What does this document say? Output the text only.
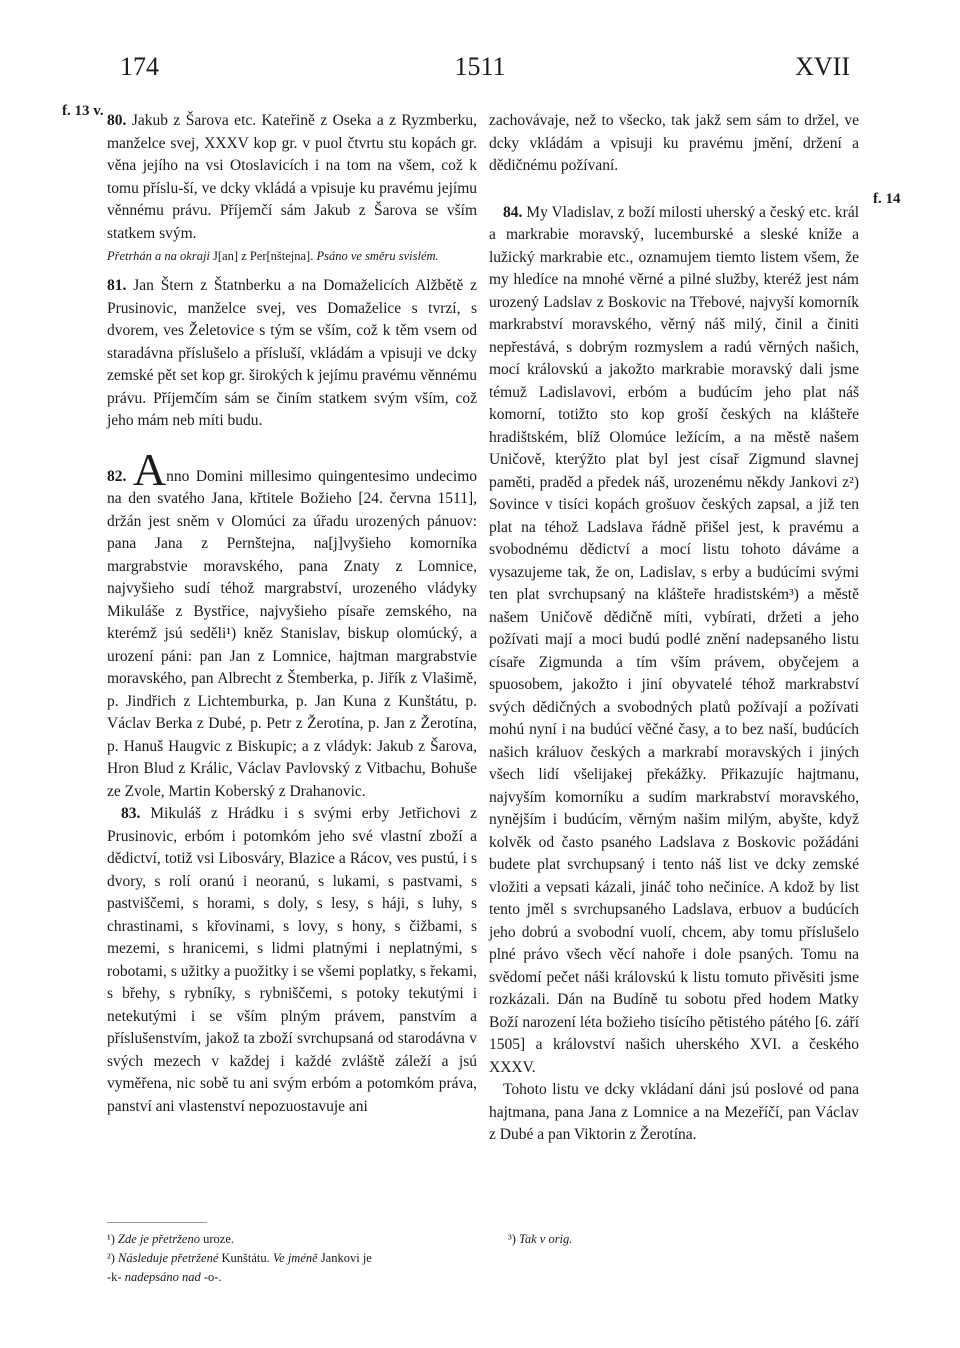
174	1511	XVII
f. 13 v.
f. 14

80. Jakub z Šarova etc. Kateřině z Oseka a z Ryzmberku, manželce svej, XXXV kop gr. v puol čtvrtu stu kopách gr. věna jejího na vsi Otoslavicích i na tom na všem, což k tomu příslu-ší, ve dcky vkládá a vpisuje ku pravému jejímu věnnému právu. Příjemčí sám Jakub z Šarova se vším statkem svým.

Přetrhán a na okraji J[an] z Per[nštejna]. Psáno ve směru svislém.

81. Jan Štern z Štatnberku a na Domaželicích Alžbětě z Prusinovic, manželce svej, ves Domaželice s tvrzí, s dvorem, ves Želetovice s tým se vším, což k těm vsem od staradávna příslušelo a přísluší, vkládám a vpisuji ve dcky zemské pět set kop gr. širokých k jejímu pravému věnnému právu. Příjemčím sám se činím statkem svým vším, což jeho mám neb míti budu.

82. Anno Domini millesimo quingentesimo undecimo na den svatého Jana, křtitele Božieho [24. června 1511], držán jest sněm v Olomúci za úřadu urozených pánuov: pana Jana z Pernštejna, na[j]vyšieho komorníka margrabstvie moravského, pana Znaty z Lomnice, najvyšieho sudí téhož margrabství, urozeného vládyky Mikuláše z Bystřice, najvyšieho písaře zemského, na kterémž jsú seděli¹) kněz Stanislav, biskup olomúcký, a urození páni: pan Jan z Lomnice, hajtman margrabstvie moravského, pan Albrecht z Štemberka, p. Jiřík z Vlašimě, p. Jindřich z Lichtemburka, p. Jan Kuna z Kunštátu, p. Václav Berka z Dubé, p. Petr z Žerotína, p. Jan z Žerotína, p. Hanuš Haugvic z Biskupic; a z vládyk: Jakub z Šarova, Hron Blud z Králic, Václav Pavlovský z Vitbachu, Bohuše ze Zvole, Martin Koberský z Drahanovic.

83. Mikuláš z Hrádku i s svými erby Jetřichovi z Prusinovic, erbóm i potomkóm jeho své vlastní zboží a dědictví, totiž vsi Libosváry, Blazice a Rácov, ves pustú, i s dvory, s rolí oranú i neoranú, s lukami, s pastvami, s pastviščemi, s horami, s doly, s lesy, s háji, s luhy, s chrastinami, s křovinami, s lovy, s hony, s čižbami, s mezemi, s hranicemi, s lidmi platnými i neplatnými, s robotami, s užitky a puožitky i se všemi poplatky, s řekami, s břehy, s rybníky, s rybniščemi, s potoky tekutými i netekutými i se vším plným právem, panstvím a příslušenstvím, jakož ta zboží svrchupsaná od starodávna v svých mezech v každej i každé zvláště záleží a jsú vyměřena, nic sobě tu ani svým erbóm a potomkóm práva, panství ani vlastenství nepozuostavuje ani

zachovávaje, než to všecko, tak jakž sem sám to držel, ve dcky vkládám a vpisuji ku pravému jmění, držení a dědičnému požívaní.

84. My Vladislav, z boží milosti uherský a český etc. král a markrabie moravský, lucemburské a sleské kníže a lužický markrabie etc., oznamujem tiemto listem všem, že my hledíce na mnohé věrné a pilné služby, kteréž jest nám urozený Ladslav z Boskovic na Třebové, najvyší komorník markrabství moravského, věrný náš milý, činil a činiti nepřestává, s dobrým rozmyslem a radú věrných našich, mocí královskú a jakožto markrabie moravský dali jsme témuž Ladislavovi, erbóm a budúcím jeho plat náš komorní, totižto sto kop groší českých na klášteře hradištském, blíž Olomúce ležícím, a na městě našem Uničově, kterýžto plat byl jest císař Zigmund slavnej paměti, praděd a předek náš, urozenému někdy Jankovi z²) Sovince v tisíci kopách grošuov českých zapsal, a již ten plat na téhož Ladslava řádně přišel jest, k pravému a svobodnému dědictví a mocí listu tohoto dáváme a vysazujeme tak, že on, Ladislav, s erby a budúcími svými ten plat svrchupsaný na klášteře hradistském³) a městě našem Uničově dědičně míti, vybírati, držeti a jeho požívati mají a moci budú podlé znění nadepsaného listu císaře Zigmunda a tím vším právem, obyčejem a spuosobem, jakožto i jiní obyvatelé téhož markrabství svých dědičných a svobodných platů požívají a požívati mohú nyní i na budúcí věčné časy, a to bez naší, budúcích našich králuov českých a markrabí moravských i jiných všech lidí všelijakej překážky. Přikazujíc hajtmanu, najvyším komorníku a sudím markrabství moravského, nynějším i budúcím, věrným našim milým, abyšte, když kolvěk od často psaného Ladslava z Boskovic požádáni budete plat svrchupsaný i tento náš list ve dcky zemské vložiti a vepsati kázali, jináč toho nečiníce. A kdož by list tento jměl s svrchupsaného Ladslava, erbuov a budúcích jeho dobrú a svobodní vuolí, chcem, aby tomu příslušelo plné právo všech věcí nahoře i dole psaných. Tomu na svědomí pečet náši královskú k listu tomuto přivěsiti jsme rozkázali. Dán na Budíně tu sobotu před hodem Matky Boží narození léta božieho tisícího pětistého pátého [6. září 1505] a království našich uherského XVI. a českého XXXV.

Tohoto listu ve dcky vkládaní dáni jsú poslové od pana hajtmana, pana Jana z Lomnice a na Mezeříčí, pan Václav z Dubé a pan Viktorin z Žerotína.

¹) Zde je přetrženo uroze.
²) Následuje přetržené Kunštátu. Ve jméně Jankovi je
-k- nadepsáno nad -o-.
³) Tak v orig.
